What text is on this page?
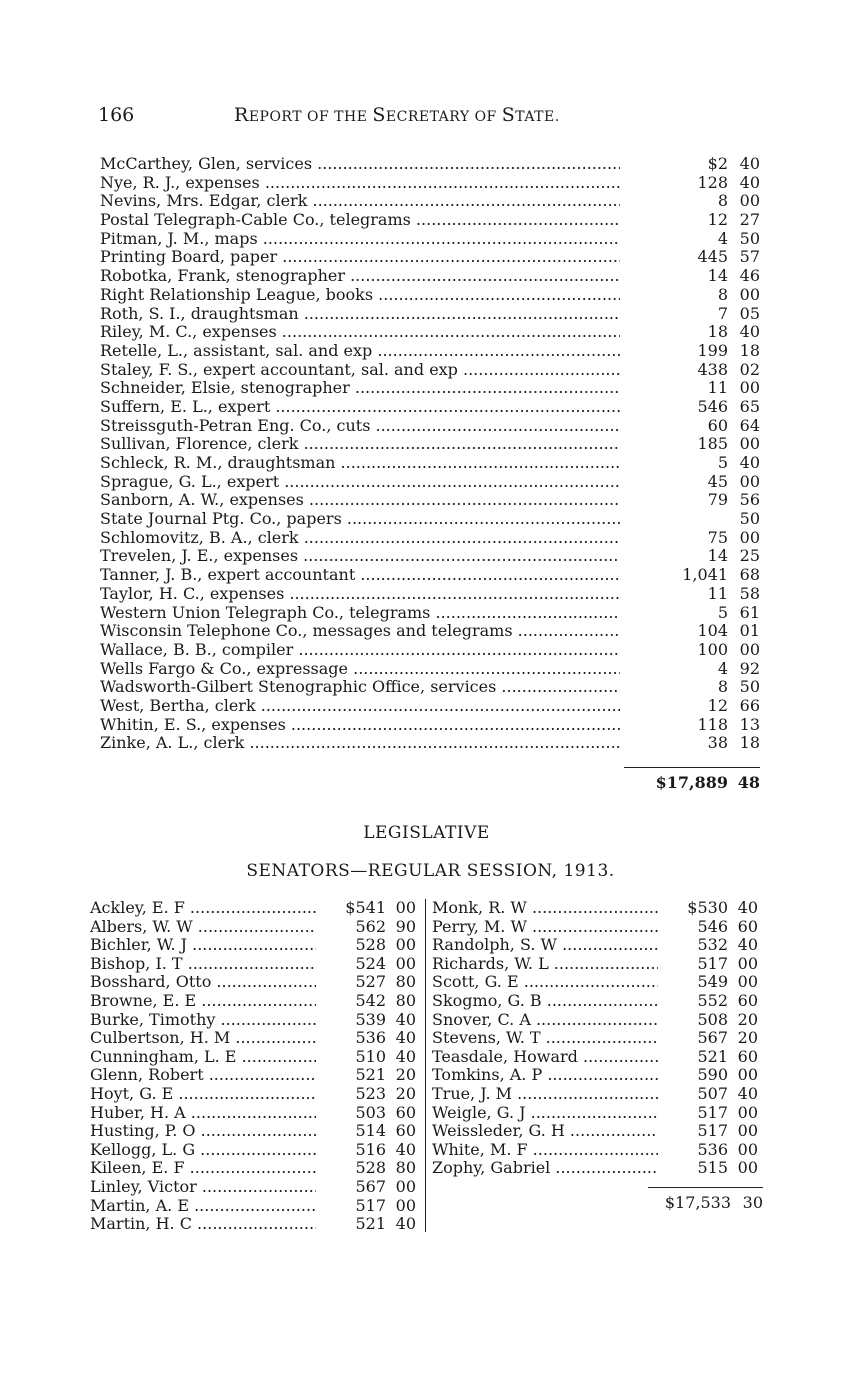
166	REPORT OF THE SECRETARY OF STATE.
McCarthey, Glen, services .....	$2 40
Nye, R. J., expenses .....	128 40
Nevins, Mrs. Edgar, clerk .....	8 00
Postal Telegraph-Cable Co., telegrams .....	12 27
Pitman, J. M., maps .....	4 50
Printing Board, paper .....	445 57
Robotka, Frank, stenographer .....	14 46
Right Relationship League, books .....	8 00
Roth, S. I., draughtsman .....	7 05
Riley, M. C., expenses .....	18 40
Retelle, L., assistant, sal. and exp .....	199 18
Staley, F. S., expert accountant, sal. and exp .....	438 02
Schneider, Elsie, stenographer .....	11 00
Suffern, E. L., expert .....	546 65
Streissguth-Petran Eng. Co., cuts .....	60 64
Sullivan, Florence, clerk .....	185 00
Schleck, R. M., draughtsman .....	5 40
Sprague, G. L., expert .....	45 00
Sanborn, A. W., expenses .....	79 56
State Journal Ptg. Co., papers .....	50
Schlomovitz, B. A., clerk .....	75 00
Trevelen, J. E., expenses .....	14 25
Tanner, J. B., expert accountant .....	1,041 68
Taylor, H. C., expenses .....	11 58
Western Union Telegraph Co., telegrams .....	5 61
Wisconsin Telephone Co., messages and telegrams .....	104 01
Wallace, B. B., compiler .....	100 00
Wells Fargo & Co., expressage .....	4 92
Wadsworth-Gilbert Stenographic Office, services .....	8 50
West, Bertha, clerk .....	12 66
Whitin, E. S., expenses .....	118 13
Zinke, A. L., clerk .....	38 18
$17,889 48
LEGISLATIVE
SENATORS—REGULAR SESSION, 1913.
Ackley, E. F .....	$541 00
Albers, W. W .....	562 90
Bichler, W. J .....	528 00
Bishop, I. T .....	524 00
Bosshard, Otto .....	527 80
Browne, E. E .....	542 80
Burke, Timothy .....	539 40
Culbertson, H. M .....	536 40
Cunningham, L. E .....	510 40
Glenn, Robert .....	521 20
Hoyt, G. E .....	523 20
Huber, H. A .....	503 60
Husting, P. O .....	514 60
Kellogg, L. G .....	516 40
Kileen, E. F .....	528 80
Linley, Victor .....	567 00
Martin, A. E .....	517 00
Martin, H. C .....	521 40
Monk, R. W .....	$530 40
Perry, M. W .....	546 60
Randolph, S. W .....	532 40
Richards, W. L .....	517 00
Scott, G. E .....	549 00
Skogmo, G. B .....	552 60
Snover, C. A .....	508 20
Stevens, W. T .....	567 20
Teasdale, Howard .....	521 60
Tomkins, A. P .....	590 00
True, J. M .....	507 40
Weigle, G. J .....	517 00
Weissleder, G. H .....	517 00
White, M. F .....	536 00
Zophy, Gabriel .....	515 00
$17,533 30
